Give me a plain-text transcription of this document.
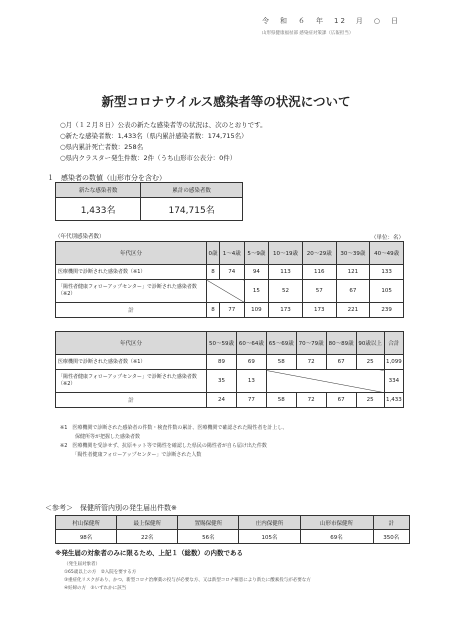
令　和　６　年　12　月　○　日
山形県健康福祉部 感染症対策課（広報担当）
新型コロナウイルス感染者等の状況について
○月（１２月８日）公表の新たな感染者等の状況は、次のとおりです。
○新たな感染者数：1,433名（県内累計感染者数：174,715名）
○県内累計死亡者数：258名
○県内クラスター発生件数：2件（うち山形市公表分：0件）
１　感染者の数値（山形市分を含む）
新たな感染者数	累計の感染者数
1,433名	174,715名
（年代別感染者数）	（単位：名）
年代区分	0歳	1～4歳	5～9歳	10～19歳	20～29歳	30～39歳	40～49歳
医療機関で診断された感染者数（※1）	8	74	94	113	116	121	133
「陽性者健康フォローアップセンター」で診断された感染者数（※2）			15	52	57	67	105
計	8	77	109	173	173	221	239
年代区分	50～59歳	60～64歳	65～69歳	70～79歳	80～89歳	90歳以上	合計
医療機関で診断された感染者数（※1）	89	69	58	72	67	25	1,099
「陽性者健康フォローアップセンター」で診断された感染者数（※2）	35	13					334
計	24	77	58	72	67	25	1,433
※1　医療機関で診断された感染者の件数・検査件数の累計、医療機関で確認された陽性者を計上し、
　　　保健所等が把握した感染者数
※2　医療機関を受診せず、抗原キット等で陽性を確認した県民の陽性者が自ら届け出た件数
　　　「陽性者健康フォローアップセンター」で診断された人数
＜参考＞　保健所管内別の発生届出件数※
村山保健所	最上保健所	置賜保健所	庄内保健所	山形市保健所	計
98名	22名	56名	105名	69名	350名
※発生届の対象者のみに限るため、上記１（総数）の内数である
（発生届対象者）
①65歳以上の方　②入院を要する方
③重症化リスクがあり、かつ、新型コロナ治療薬の投与が必要な方、又は新型コロナ罹患により新たに酸素投与が必要な方
④妊婦の方　⑤いずれかに該当
